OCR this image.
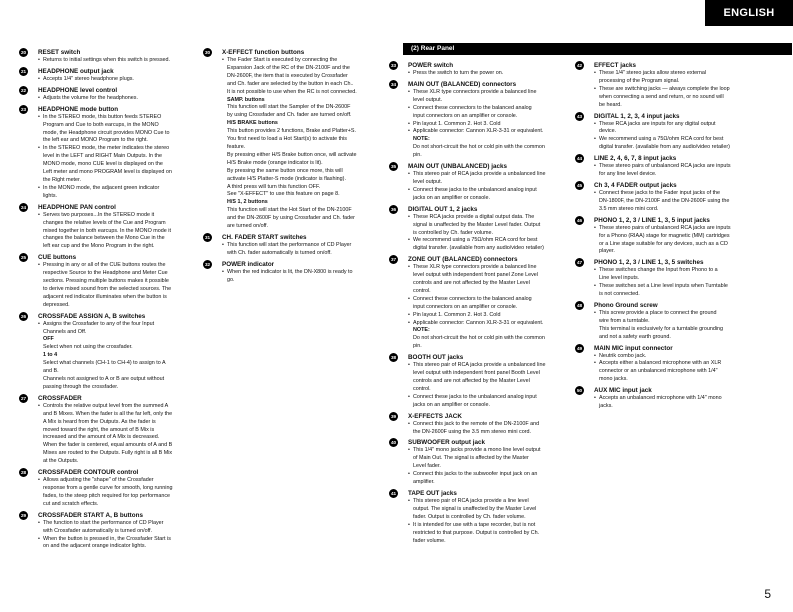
ENGLISH
(2) Rear Panel
20	RESET switch
• Returns to initial settings when this switch is pressed.
21	HEADPHONE output jack
• Accepts 1/4" stereo headphone plugs.
22	HEADPHONE level control
• Adjusts the volume for the headphones.
23	HEADPHONE mode button
• In the STEREO mode, this button feeds STEREO
Program and Cue to both earcups, in the MONO
mode, the Headphone circuit provides MONO Cue to
the left ear and MONO Program to the right.
• In the STEREO mode, the meter indicates the stereo
level in the LEFT and RIGHT Main Outputs. In the
MONO mode, mono CUE level is displayed on the
Left meter and mono PROGRAM level is displayed on
the Right meter.
• In the MONO mode, the adjacent green indicator
lights.
24	HEADPHONE PAN control
• Serves two purposes...In the STEREO mode it
changes the relative levels of the Cue and Program
mixed together in both earcups. In the MONO mode it
changes the balance between the Mono Cue in the
left ear cup and the Mono Program in the right.
25	CUE buttons
• Pressing in any or all of the CUE buttons routes the
respective Source to the Headphone and Meter Cue
sections. Pressing multiple buttons makes it possible
to derive mixed sound from the selected sources. The
adjacent red indicator illuminates when the button is
depressed.
26	CROSSFADE ASSIGN A, B switches
• Assigns the Crossfader to any of the four Input
Channels and Off.
OFF
Select when not using the crossfader.
1 to 4
Select what channels (CH-1 to CH-4) to assign to A
and B.
Channels not assigned to A or B are output without
passing through the crossfader.
27	CROSSFADER
• Controls the relative output level from the summed A
and B Mixes. When the fader is all the far left, only the
A Mix is heard from the Outputs. As the fader is
moved toward the right, the amount of B Mix is
increased and the amount of A Mix is decreased.
When the fader is centered, equal amounts of A and B
Mixes are routed to the Outputs. Fully right is all B Mix
at the Outputs.
28	CROSSFADER CONTOUR control
• Allows adjusting the "shape" of the Crossfader
response from a gentle curve for smooth, long running
fades, to the steep pitch required for top performance
cut and scratch effects.
29	CROSSFADER START A, B buttons
• The function to start the performance of CD Player
with Crossfader automatically is turned on/off.
• When the button is pressed in, the Crossfader Start is
on and the adjacent orange indicator lights.
30	X-EFFECT function buttons
• The Fader Start is executed by connecting the
Expansion Jack of the RC of the DN-2100F and the
DN-2600F, the item that is executed by Crossfader
and Ch. fader are selected by the button in each Ch..
It is not possible to use when the RC is not connected.
SAMP. buttons
This function will start the Sampler of the DN-2600F
by using Crossfader and Ch. fader are turned on/off.
H/S BRAKE buttons
This button provides 2 functions, Brake and Platter+S.
You first need to load a Hot Start(s) to activate this
feature.
By pressing either H/S Brake button once, will activate
H/S Brake mode (orange indicator is lit).
By pressing the same button once more, this will
activate H/S Platter-S mode (indicator is flashing).
A third press will turn this function OFF.
See "X-EFFECT" to use this feature on page 8.
H/S 1, 2 buttons
This function will start the Hot Start of the DN-2100F
and the DN-2600F by using Crossfader and Ch. fader
are turned on/off.
31	CH. FADER START switches
• This function will start the performance of CD Player
with Ch. fader automatically is turned on/off.
32	POWER indicator
• When the red indicator is lit, the DN-X800 is ready to
go.
33	POWER switch
• Press the switch to turn the power on.
34	MAIN OUT (BALANCED) connectors
• These XLR type connectors provide a balanced line
level output.
• Connect these connectors to the balanced analog
input connectors on an amplifier or console.
• Pin layout 1. Common 2. Hot 3. Cold
• Applicable connector: Cannon XLR-3-31 or equivalent.
NOTE:
Do not short-circuit the hot or cold pin with the common
pin.
35	MAIN OUT (UNBALANCED) jacks
• This stereo pair of RCA jacks provide a unbalanced line
level output.
• Connect these jacks to the unbalanced analog input
jacks on an amplifier or console.
36	DIGITAL OUT 1, 2 jacks
• These RCA jacks provide a digital output data. The
signal is unaffected by the Master Level fader. Output
is controlled by Ch. fader volume.
• We recommend using a 75Ω/ohm RCA cord for best
digital transfer. (available from any audio/video retailer)
37	ZONE OUT (BALANCED) connectors
• These XLR type connectors provide a balanced line
level output with independent front panel Zone Level
controls and are not affected by the Master Level
control.
• Connect these connectors to the balanced analog
input connectors on an amplifier or console.
• Pin layout 1. Common 2. Hot 3. Cold
• Applicable connector: Cannon XLR-3-31 or equivalent.
NOTE:
Do not short-circuit the hot or cold pin with the common
pin.
38	BOOTH OUT jacks
• This stereo pair of RCA jacks provide a unbalanced line
level output with independent front panel Booth Level
controls and are not affected by the Master Level
control.
• Connect these jacks to the unbalanced analog input
jacks on an amplifier or console.
39	X-EFFECTS JACK
• Connect this jack to the remote of the DN-2100F and
the DN-2600F using the 3.5 mm stereo mini cord.
40	SUBWOOFER output jack
• This 1/4" mono jacks provide a mono line level output
of Main Out. The signal is affected by the Master
Level fader.
• Connect this jacks to the subwoofer input jack on an
amplifier.
41	TAPE OUT jacks
• This stereo pair of RCA jacks provide a line level
output. The signal is unaffected by the Master Level
fader. Output is controlled by Ch. fader volume.
• It is intended for use with a tape recorder, but is not
restricted to that purpose. Output is controlled by Ch.
fader volume.
42	EFFECT jacks
• These 1/4" stereo jacks allow stereo external
processing of the Program signal.
• These are switching jacks — always complete the loop
when connecting a send and return, or no sound will
be heard.
43	DIGITAL 1, 2, 3, 4 input jacks
• These RCA jacks are inputs for any digital output
device.
• We recommend using a 75Ω/ohm RCA cord for best
digital transfer. (available from any audio/video retailer)
44	LINE 2, 4, 6, 7, 8 input jacks
• These stereo pairs of unbalanced RCA jacks are inputs
for any line level device.
45	Ch 3, 4 FADER output jacks
• Connect these jacks to the Fader input jacks of the
DN-1800F, the DN-2100F and the DN-2600F using the
3.5 mm stereo mini cord.
46	PHONO 1, 2, 3 / LINE 1, 3, 5 input jacks
• These stereo pairs of unbalanced RCA jacks are inputs
for a Phono (RIAA) stage for magnetic (MM) cartridges
or a Line stage suitable for any devices, such as a CD
player.
47	PHONO 1, 2, 3 / LINE 1, 3, 5 switches
• These switches change the Input from Phono to a
Line level inputs.
• These switches set a Line level inputs when Turntable
is not connected.
48	Phono Ground screw
• This screw provide a place to connect the ground
wire from a turntable.
This terminal is exclusively for a turntable grounding
and not a safety earth ground.
49	MAIN MIC input connector
• Neutrik combo jack.
• Accepts either a balanced microphone with an XLR
connector or an unbalanced microphone with 1/4"
mono jacks.
50	AUX MIC input jack
• Accepts an unbalanced microphone with 1/4" mono
jacks.
5
